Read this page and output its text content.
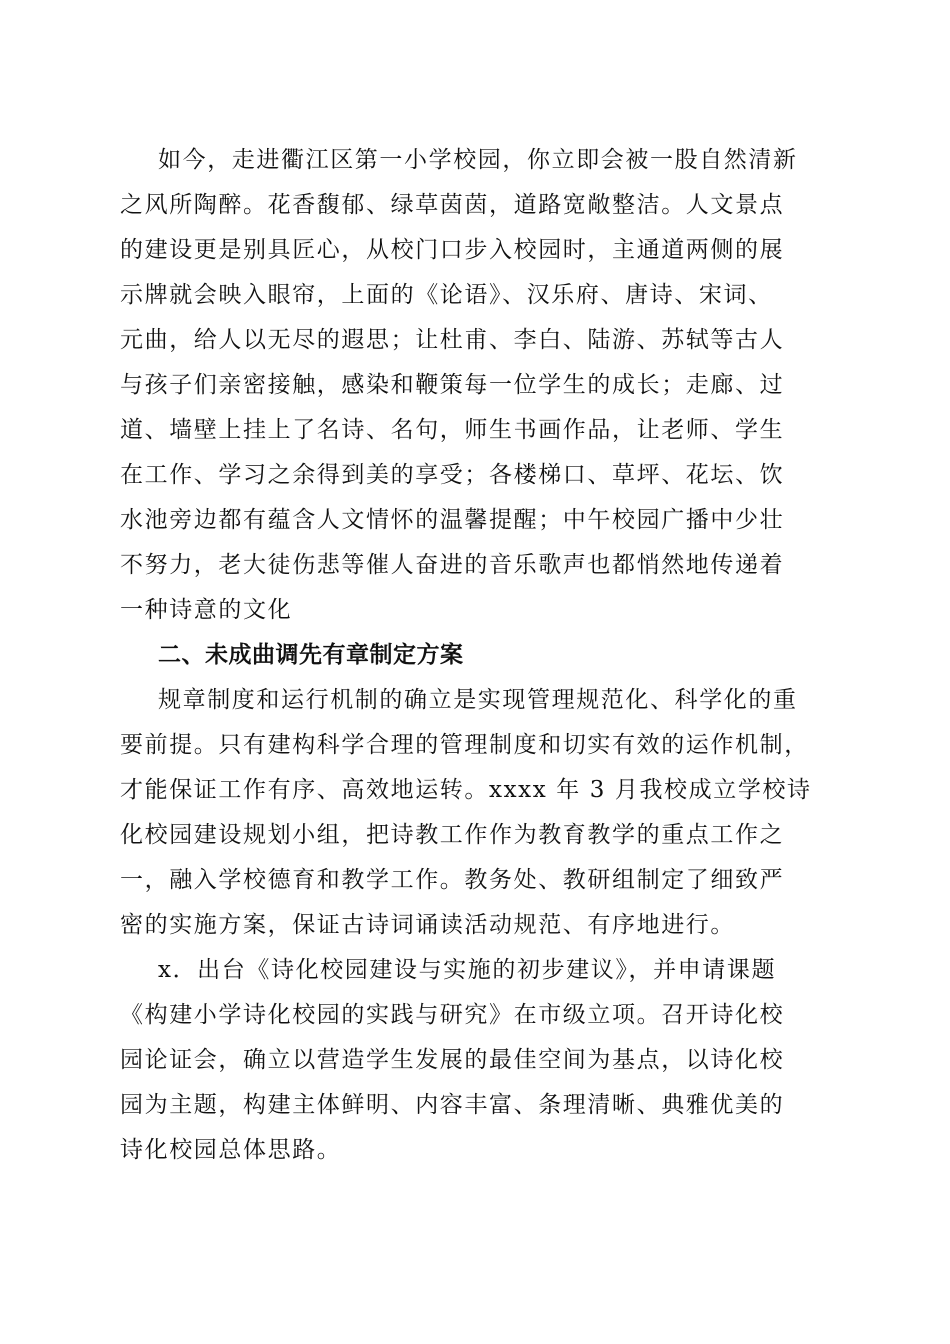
如今，走进衢江区第一小学校园，你立即会被一股自然清新
之风所陶醉。花香馥郁、绿草茵茵，道路宽敞整洁。人文景点
的建设更是别具匠心，从校门口步入校园时，主通道两侧的展
示牌就会映入眼帘，上面的《论语》、汉乐府、唐诗、宋词、
元曲，给人以无尽的遐思；让杜甫、李白、陆游、苏轼等古人
与孩子们亲密接触，感染和鞭策每一位学生的成长；走廊、过
道、墙壁上挂上了名诗、名句，师生书画作品，让老师、学生
在工作、学习之余得到美的享受；各楼梯口、草坪、花坛、饮
水池旁边都有蕴含人文情怀的温馨提醒；中午校园广播中少壮
不努力，老大徒伤悲等催人奋进的音乐歌声也都悄然地传递着
一种诗意的文化
二、未成曲调先有章制定方案
规章制度和运行机制的确立是实现管理规范化、科学化的重
要前提。只有建构科学合理的管理制度和切实有效的运作机制，
才能保证工作有序、高效地运转。xxxx 年 3 月我校成立学校诗
化校园建设规划小组，把诗教工作作为教育教学的重点工作之
一，融入学校德育和教学工作。教务处、教研组制定了细致严
密的实施方案，保证古诗词诵读活动规范、有序地进行。
x．出台《诗化校园建设与实施的初步建议》，并申请课题
《构建小学诗化校园的实践与研究》在市级立项。召开诗化校
园论证会，确立以营造学生发展的最佳空间为基点，以诗化校
园为主题，构建主体鲜明、内容丰富、条理清晰、典雅优美的
诗化校园总体思路。
